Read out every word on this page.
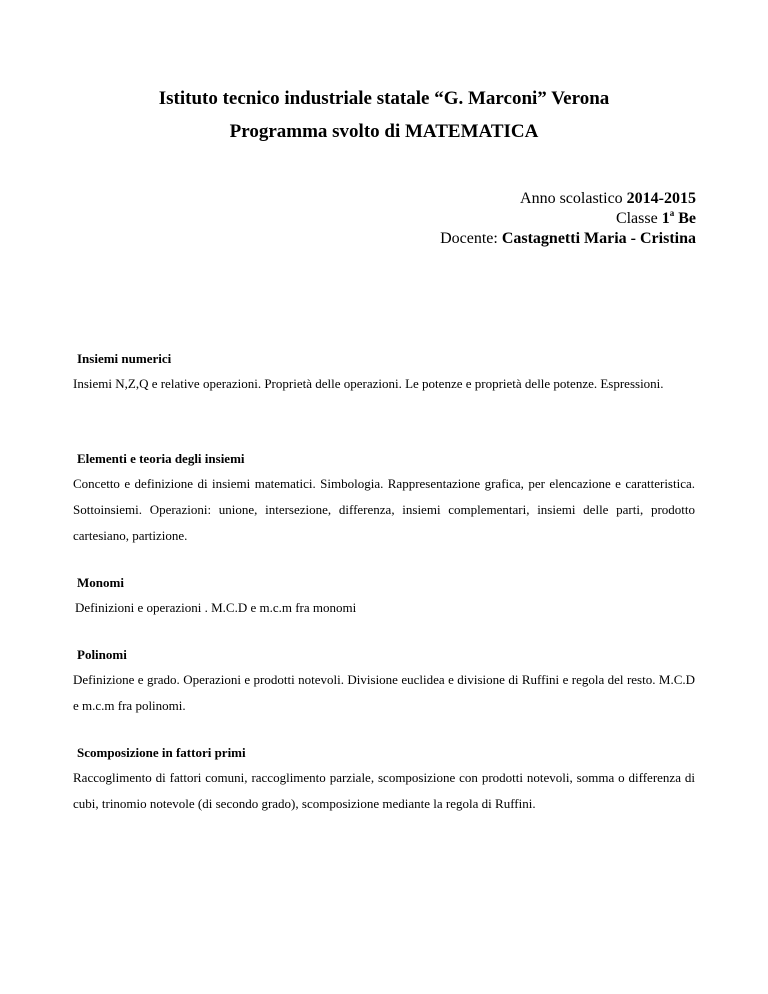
Istituto tecnico industriale statale “G. Marconi” Verona
Programma svolto di MATEMATICA
Anno scolastico 2014-2015
Classe 1$^a$ Be
Docente: Castagnetti Maria - Cristina
Insiemi numerici
Insiemi N,Z,Q e relative operazioni. Proprietà delle operazioni. Le potenze e proprietà delle potenze. Espressioni.
Elementi e teoria degli insiemi
Concetto e definizione di insiemi matematici. Simbologia. Rappresentazione grafica, per elencazione e caratteristica. Sottoinsiemi. Operazioni: unione, intersezione, differenza, insiemi complementari, insiemi delle parti, prodotto cartesiano, partizione.
Monomi
Definizioni e operazioni . M.C.D e m.c.m fra monomi
Polinomi
Definizione e grado. Operazioni e prodotti notevoli. Divisione euclidea e divisione di Ruffini e regola del resto. M.C.D e m.c.m fra polinomi.
Scomposizione in fattori primi
Raccoglimento di fattori comuni, raccoglimento parziale, scomposizione con prodotti notevoli, somma o differenza di cubi, trinomio notevole (di secondo grado), scomposizione mediante la regola di Ruffini.
